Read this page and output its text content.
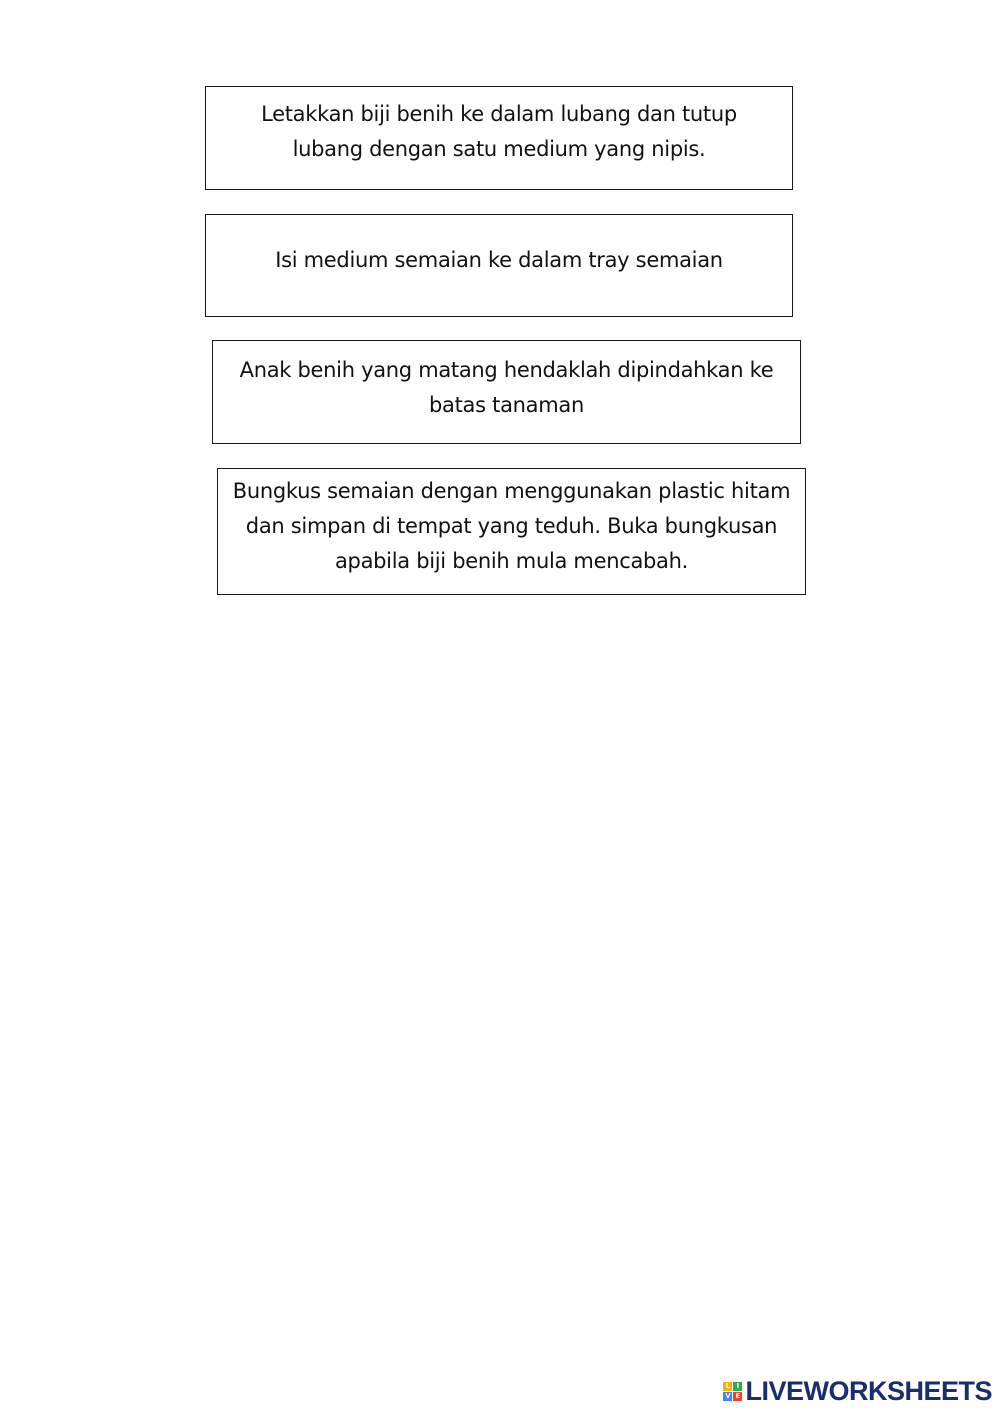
Letakkan biji benih ke dalam lubang dan tutup
lubang dengan satu medium yang nipis.
Isi medium semaian ke dalam tray semaian
Anak benih yang matang hendaklah dipindahkan ke
batas tanaman
Bungkus semaian dengan menggunakan plastic hitam
dan simpan di tempat yang teduh. Buka bungkusan
apabila biji benih mula mencabah.
L I
V E LIVEWORKSHEETS
